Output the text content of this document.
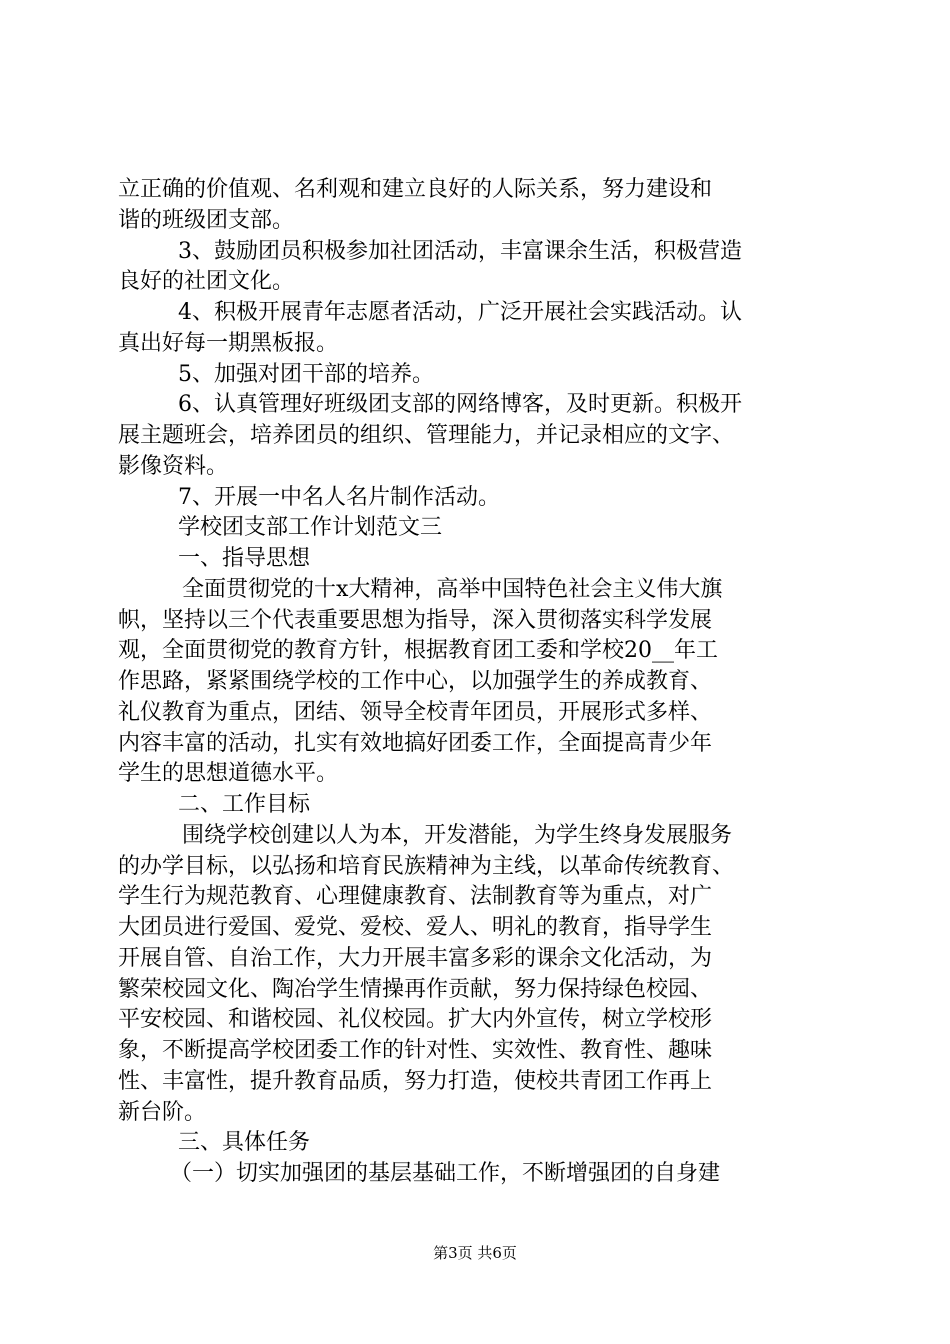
立正确的价值观、名利观和建立良好的人际关系，努力建设和
谐的班级团支部。
3、鼓励团员积极参加社团活动，丰富课余生活，积极营造
良好的社团文化。
4、积极开展青年志愿者活动，广泛开展社会实践活动。认
真出好每一期黑板报。
5、加强对团干部的培养。
6、认真管理好班级团支部的网络博客，及时更新。积极开
展主题班会，培养团员的组织、管理能力，并记录相应的文字、
影像资料。
7、开展一中名人名片制作活动。
学校团支部工作计划范文三
一、指导思想
全面贯彻党的十x大精神，高举中国特色社会主义伟大旗
帜，坚持以三个代表重要思想为指导，深入贯彻落实科学发展
观，全面贯彻党的教育方针，根据教育团工委和学校20__年工
作思路，紧紧围绕学校的工作中心，以加强学生的养成教育、
礼仪教育为重点，团结、领导全校青年团员，开展形式多样、
内容丰富的活动，扎实有效地搞好团委工作，全面提高青少年
学生的思想道德水平。
二、工作目标
围绕学校创建以人为本，开发潜能，为学生终身发展服务
的办学目标，以弘扬和培育民族精神为主线，以革命传统教育、
学生行为规范教育、心理健康教育、法制教育等为重点，对广
大团员进行爱国、爱党、爱校、爱人、明礼的教育，指导学生
开展自管、自治工作，大力开展丰富多彩的课余文化活动，为
繁荣校园文化、陶冶学生情操再作贡献，努力保持绿色校园、
平安校园、和谐校园、礼仪校园。扩大内外宣传，树立学校形
象，不断提高学校团委工作的针对性、实效性、教育性、趣味
性、丰富性，提升教育品质，努力打造，使校共青团工作再上
新台阶。
三、具体任务
（一）切实加强团的基层基础工作，不断增强团的自身建
第3页 共6页
